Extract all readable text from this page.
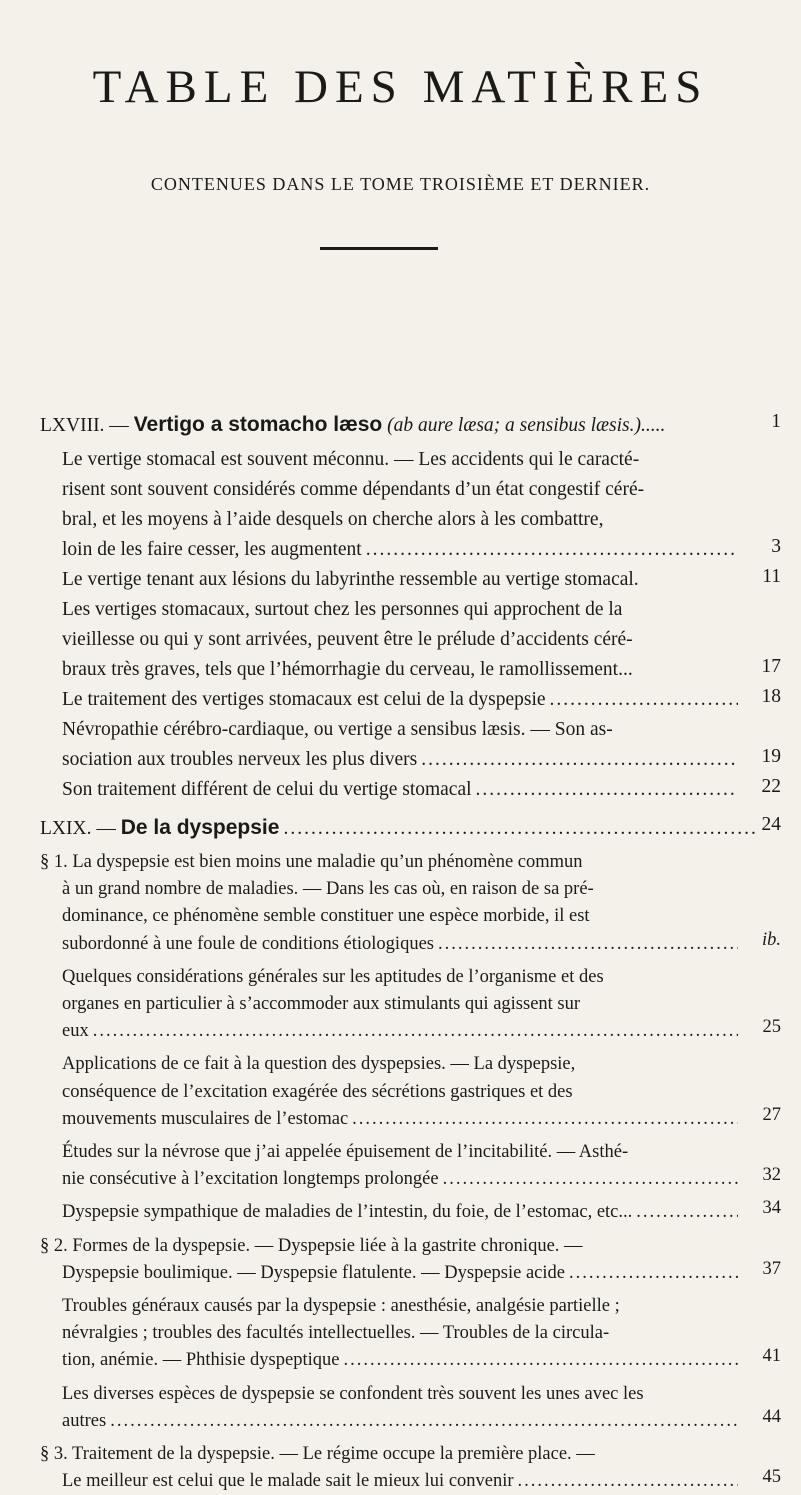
TABLE DES MATIÈRES
CONTENUES DANS LE TOME TROISIÈME ET DERNIER.
LXVIII. — Vertigo a stomacho læso (ab aure læsa; a sensibus læsis.).....	1
Le vertige stomacal est souvent méconnu. — Les accidents qui le caracté-
risent sont souvent considérés comme dépendants d’un état congestif céré-
bral, et les moyens à l’aide desquels on cherche alors à les combattre,
loin de les faire cesser, les augmentent .....	3
Le vertige tenant aux lésions du labyrinthe ressemble au vertige stomacal.	11
Les vertiges stomacaux, surtout chez les personnes qui approchent de la
vieillesse ou qui y sont arrivées, peuvent être le prélude d’accidents céré-
braux très graves, tels que l’hémorrhagie du cerveau, le ramollissement...	17
Le traitement des vertiges stomacaux est celui de la dyspepsie .....	18
Névropathie cérébro-cardiaque, ou vertige a sensibus læsis. — Son as-
sociation aux troubles nerveux les plus divers .....	19
Son traitement différent de celui du vertige stomacal .....	22
LXIX. — De la dyspepsie .....	24
§ 1. La dyspepsie est bien moins une maladie qu’un phénomène commun
à un grand nombre de maladies. — Dans les cas où, en raison de sa pré-
dominance, ce phénomène semble constituer une espèce morbide, il est
subordonné à une foule de conditions étiologiques .....	ib.
Quelques considérations générales sur les aptitudes de l’organisme et des
organes en particulier à s’accommoder aux stimulants qui agissent sur
eux .....	25
Applications de ce fait à la question des dyspepsies. — La dyspepsie,
conséquence de l’excitation exagérée des sécrétions gastriques et des
mouvements musculaires de l’estomac .....	27
Études sur la névrose que j’ai appelée épuisement de l’incitabilité. — Asthé-
nie consécutive à l’excitation longtemps prolongée .....	32
Dyspepsie sympathique de maladies de l’intestin, du foie, de l’estomac, etc... .....	34
§ 2. Formes de la dyspepsie. — Dyspepsie liée à la gastrite chronique. —
Dyspepsie boulimique. — Dyspepsie flatulente. — Dyspepsie acide .....	37
Troubles généraux causés par la dyspepsie : anesthésie, analgésie partielle ;
névralgies ; troubles des facultés intellectuelles. — Troubles de la circula-
tion, anémie. — Phthisie dyspeptique .....	41
Les diverses espèces de dyspepsie se confondent très souvent les unes avec les
autres .....	44
§ 3. Traitement de la dyspepsie. — Le régime occupe la première place. —
Le meilleur est celui que le malade sait le mieux lui convenir .....	45
